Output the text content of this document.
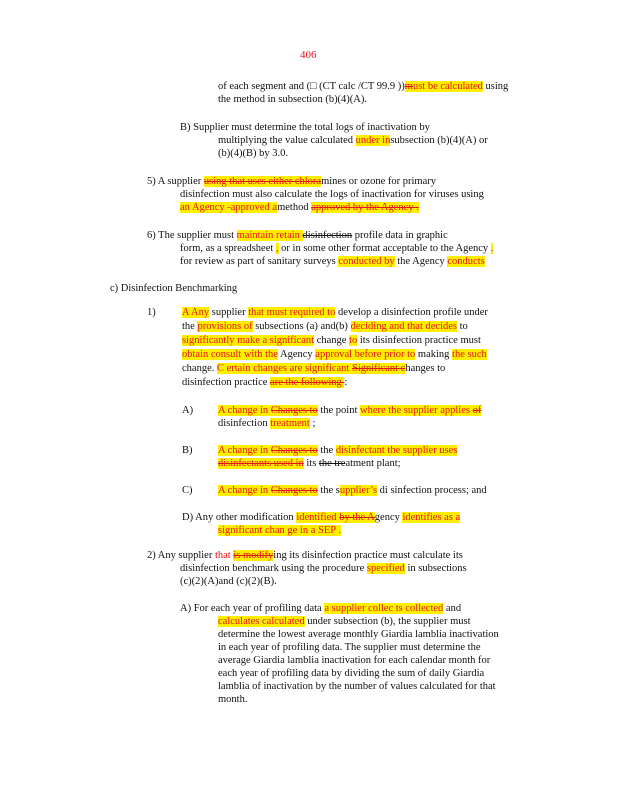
406
of each segment and (□ (CT calc /CT 99.9 ))must be calculated using
the method in subsection (b)(4)(A).
B) Supplier must determine the total logs of inactivation by
multiplying the value calculated under insubsection (b)(4)(A) or
(b)(4)(B) by 3.0.
5) A supplier using that uses either chloramines or ozone for primary
disinfection must also calculate the logs of inactivation for viruses using
an Agency -approved amethod approved by the Agency .
6) The supplier must maintain retain disinfection profile data in graphic
form, as a spreadsheet , or in some other format acceptable to the Agency .
for review as part of sanitary surveys conducted by the Agency conducts
c) Disinfection Benchmarking
1)	A Any supplier that must required to develop a disinfection profile under
the provisions of subsections (a) and(b) deciding and that decides to
significantly make a significant change to its disinfection practice must
obtain consult with the Agency approval before prior to making the such
change. C ertain changes are significant Significant changes to
disinfection practice are the following :
A) A change in Changes to the point where the supplier applies of
disinfection treatment ;
B) A change in Changes to the disinfectant the supplier uses
disinfectants used in its the treatment plant;
C) A change in Changes to the supplier’s di sinfection process; and
D) Any other modification identified by the Agency identifies as a
significant chan ge in a SEP .
2) Any supplier that is modifying its disinfection practice must calculate its
disinfection benchmark using the procedure specified in subsections
(c)(2)(A)and (c)(2)(B).
A) For each year of profiling data a supplier collec ts collected and
calculates calculated under subsection (b), the supplier must
determine the lowest average monthly Giardia lamblia inactivation
in each year of profiling data. The supplier must determine the
average Giardia lamblia inactivation for each calendar month for
each year of profiling data by dividing the sum of daily Giardia
lamblia of inactivation by the number of values calculated for that
month.
